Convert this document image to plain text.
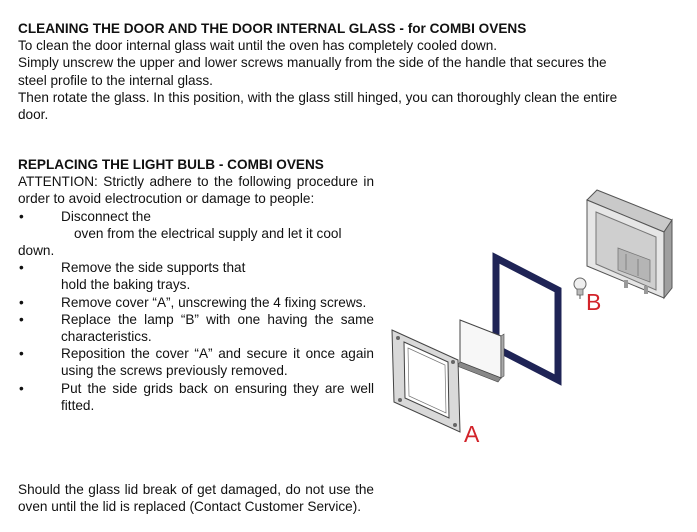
CLEANING THE DOOR AND THE DOOR INTERNAL GLASS - for COMBI OVENS

To clean the door internal glass wait until the oven has completely cooled down.

Simply unscrew the upper and lower screws manually from the side of the handle that secures the

steel profile to the internal glass.

Then rotate the glass. In this position, with the glass still hinged, you can thoroughly clean the entire

door.

REPLACING THE LIGHT BULB - COMBI OVENS

ATTENTION: Strictly adhere to the following procedure in order to avoid electrocution or damage to people:

•	Disconnect the
oven from the electrical supply and let it cool
down.
•	Remove the side supports that
hold the baking trays.
•	Remove cover “A”, unscrewing the 4 fixing screws.
•	Replace the lamp “B” with one having the same characteristics.
•	Reposition the cover “A” and secure it once again using the screws previously removed.
•	Put the side grids back on ensuring they are well fitted.

Should the glass lid break of get damaged, do not use the oven until the lid is replaced (Contact Customer Service).

B
A
